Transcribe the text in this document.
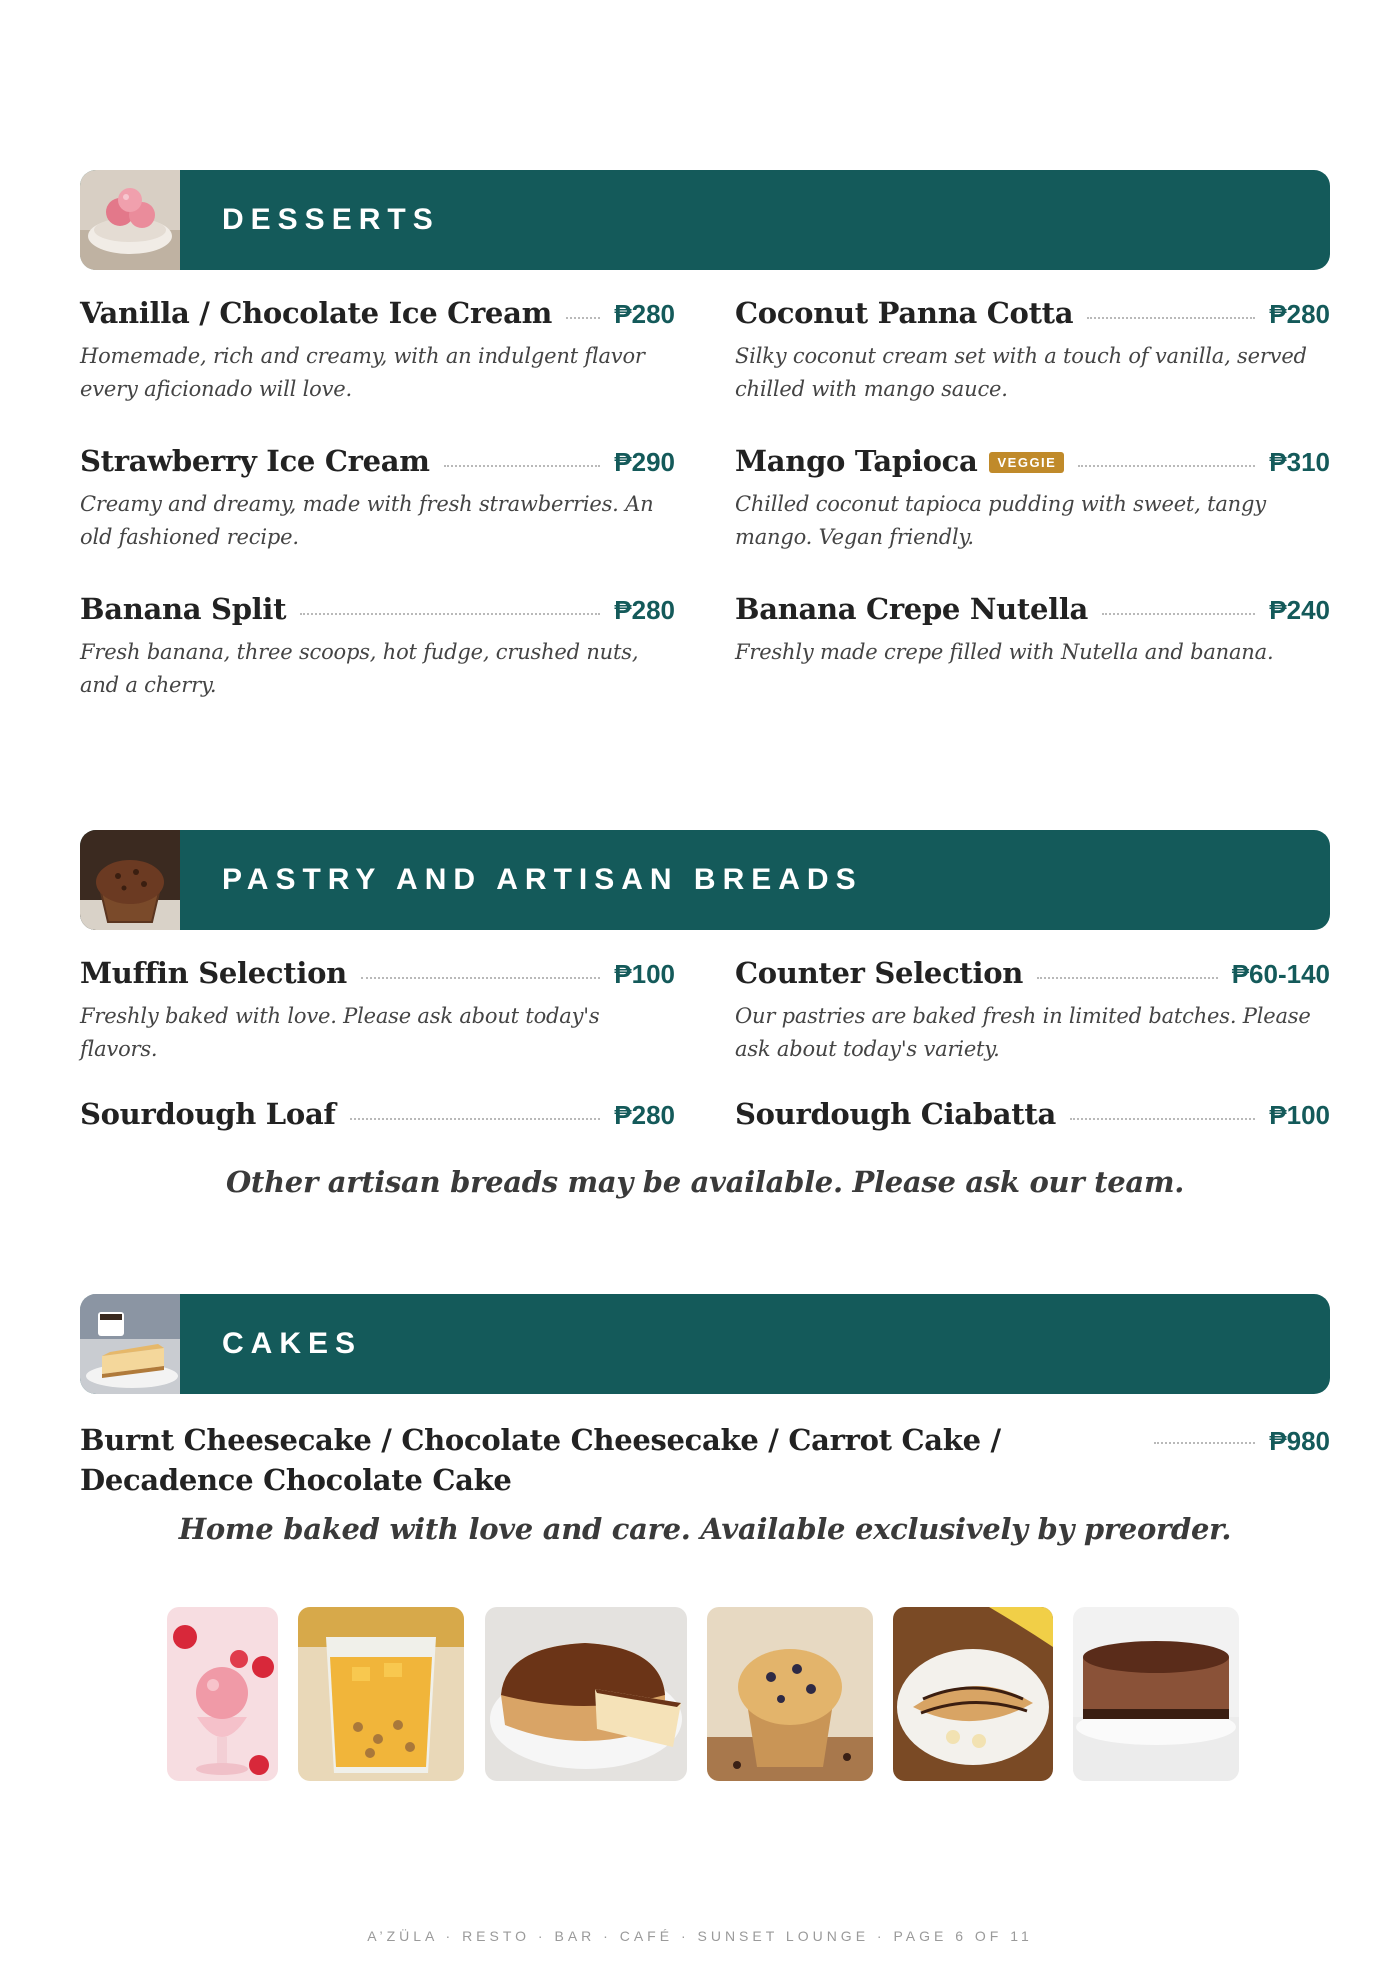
DESSERTS
Vanilla / Chocolate Ice Cream ₱280
Homemade, rich and creamy, with an indulgent flavor every aficionado will love.
Coconut Panna Cotta	₱280
Silky coconut cream set with a touch of vanilla, served chilled with mango sauce.
Strawberry Ice Cream	₱290
Creamy and dreamy, made with fresh strawberries. An old fashioned recipe.
Mango Tapioca	VEGGIE	₱310
Chilled coconut tapioca pudding with sweet, tangy mango. Vegan friendly.
Banana Split	₱280
Fresh banana, three scoops, hot fudge, crushed nuts, and a cherry.
Banana Crepe Nutella	₱240
Freshly made crepe filled with Nutella and banana.
PASTRY AND ARTISAN BREADS
Muffin Selection	₱100
Freshly baked with love. Please ask about today's flavors.
Counter Selection	₱60-140
Our pastries are baked fresh in limited batches. Please ask about today's variety.
Sourdough Loaf	₱280 Sourdough Ciabatta	₱100
Other artisan breads may be available. Please ask our team.
CAKES
Burnt Cheesecake / Chocolate Cheesecake / Carrot Cake / Decadence Chocolate Cake
₱980
Home baked with love and care. Available exclusively by preorder.
A’ZÜLA · RESTO · BAR · CAFÉ · SUNSET LOUNGE · PAGE 6 OF 11
